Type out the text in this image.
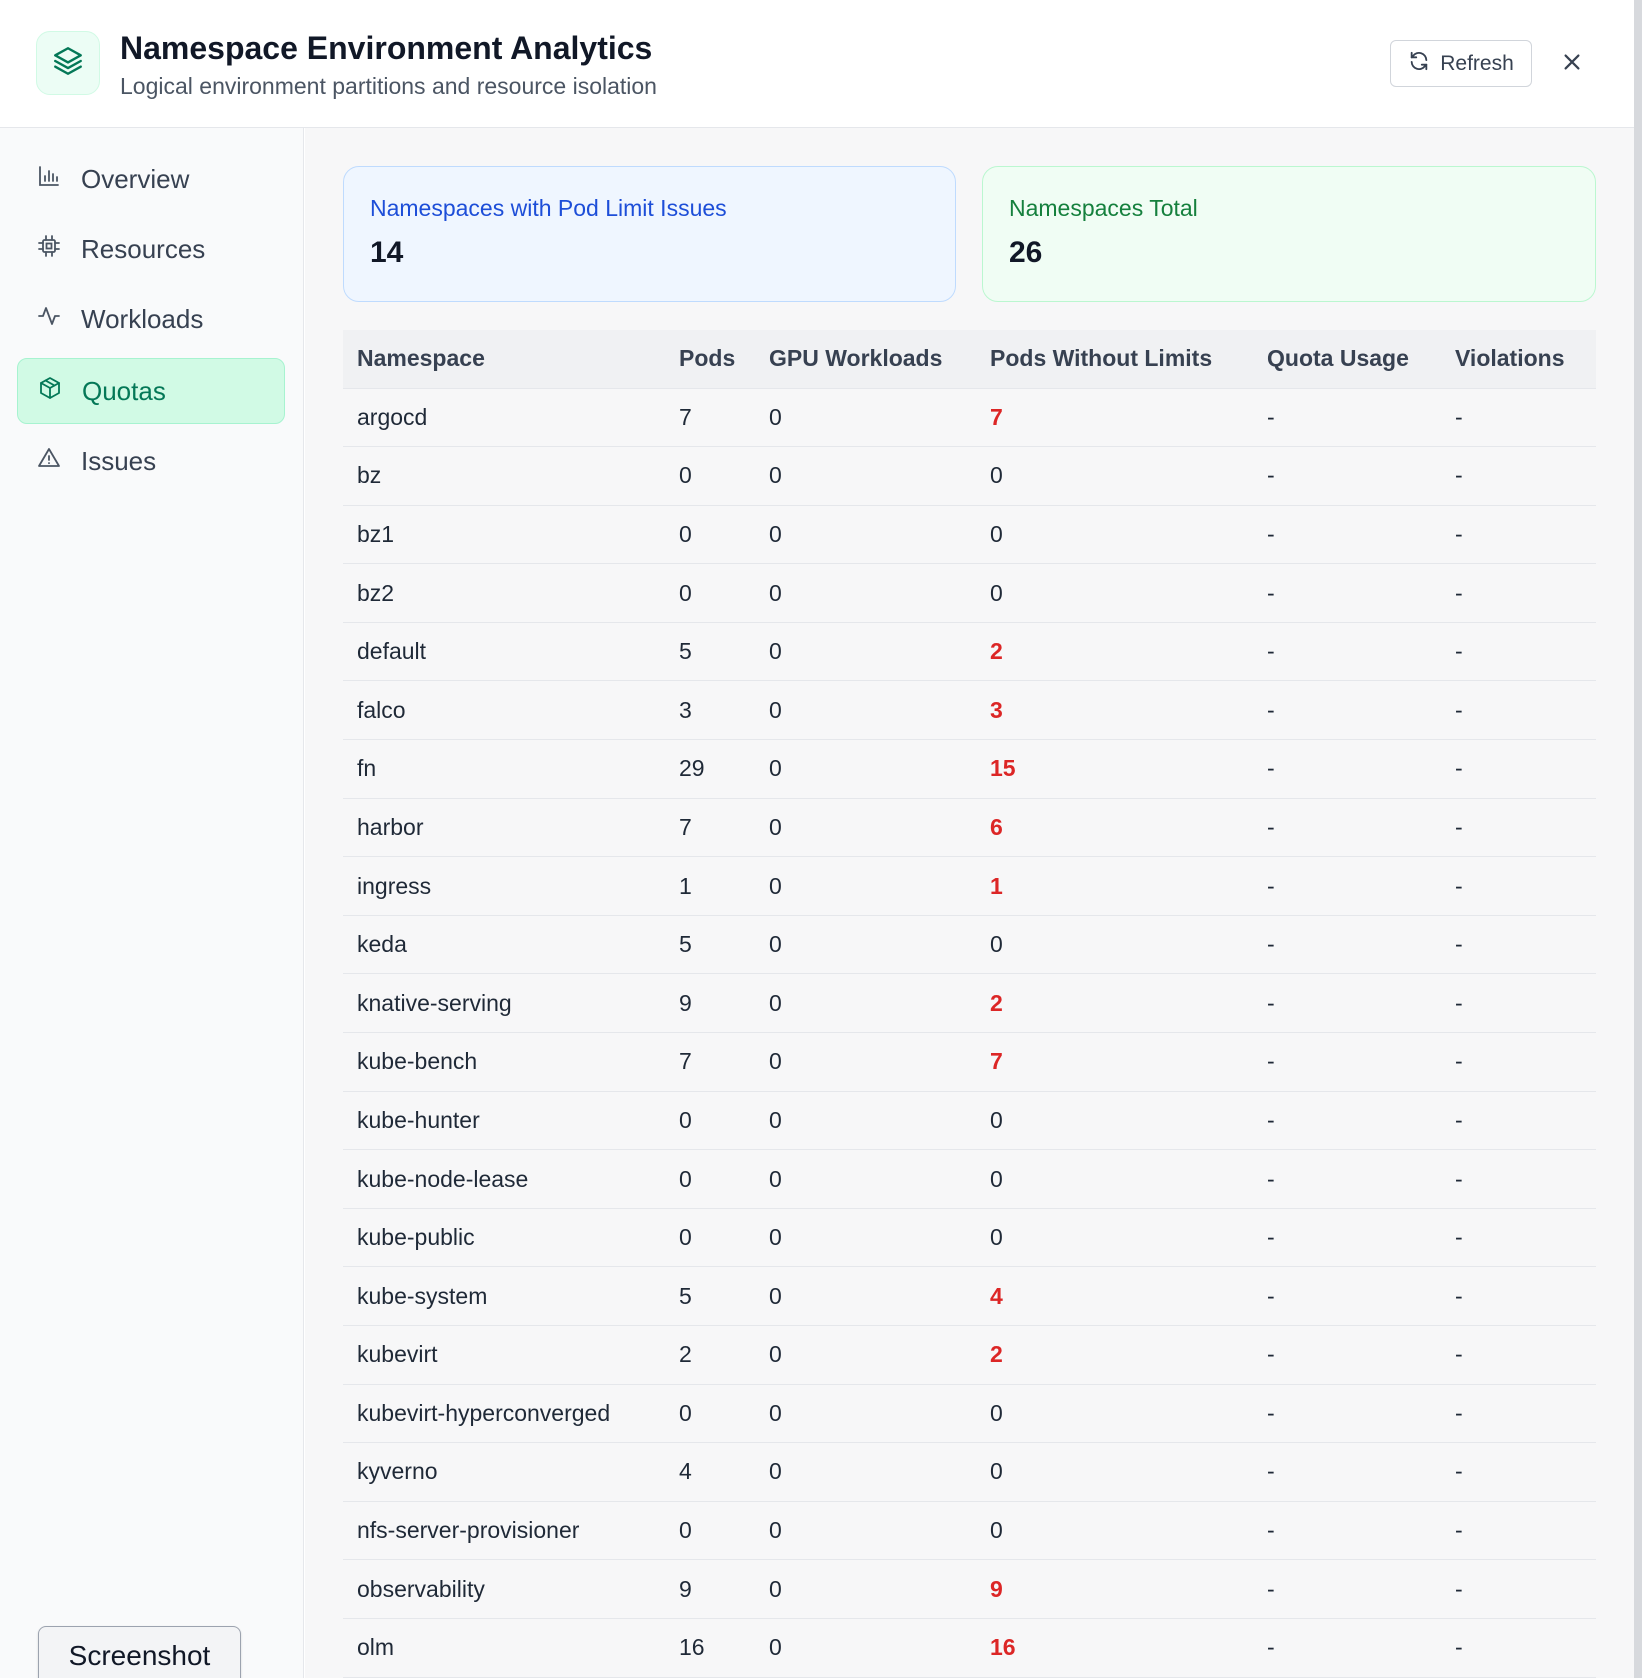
Namespace Environment Analytics
Logical environment partitions and resource isolation
Refresh
Overview
Resources
Workloads
Quotas
Issues
Namespaces with Pod Limit Issues
14
Namespaces Total
26
Namespace	Pods	GPU Workloads	Pods Without Limits	Quota Usage	Violations
argocd	7	0	7	-	-
bz	0	0	0	-	-
bz1	0	0	0	-	-
bz2	0	0	0	-	-
default	5	0	2	-	-
falco	3	0	3	-	-
fn	29	0	15	-	-
harbor	7	0	6	-	-
ingress	1	0	1	-	-
keda	5	0	0	-	-
knative-serving	9	0	2	-	-
kube-bench	7	0	7	-	-
kube-hunter	0	0	0	-	-
kube-node-lease	0	0	0	-	-
kube-public	0	0	0	-	-
kube-system	5	0	4	-	-
kubevirt	2	0	2	-	-
kubevirt-hyperconverged	0	0	0	-	-
kyverno	4	0	0	-	-
nfs-server-provisioner	0	0	0	-	-
observability	9	0	9	-	-
olm	16	0	16	-	-
Screenshot
